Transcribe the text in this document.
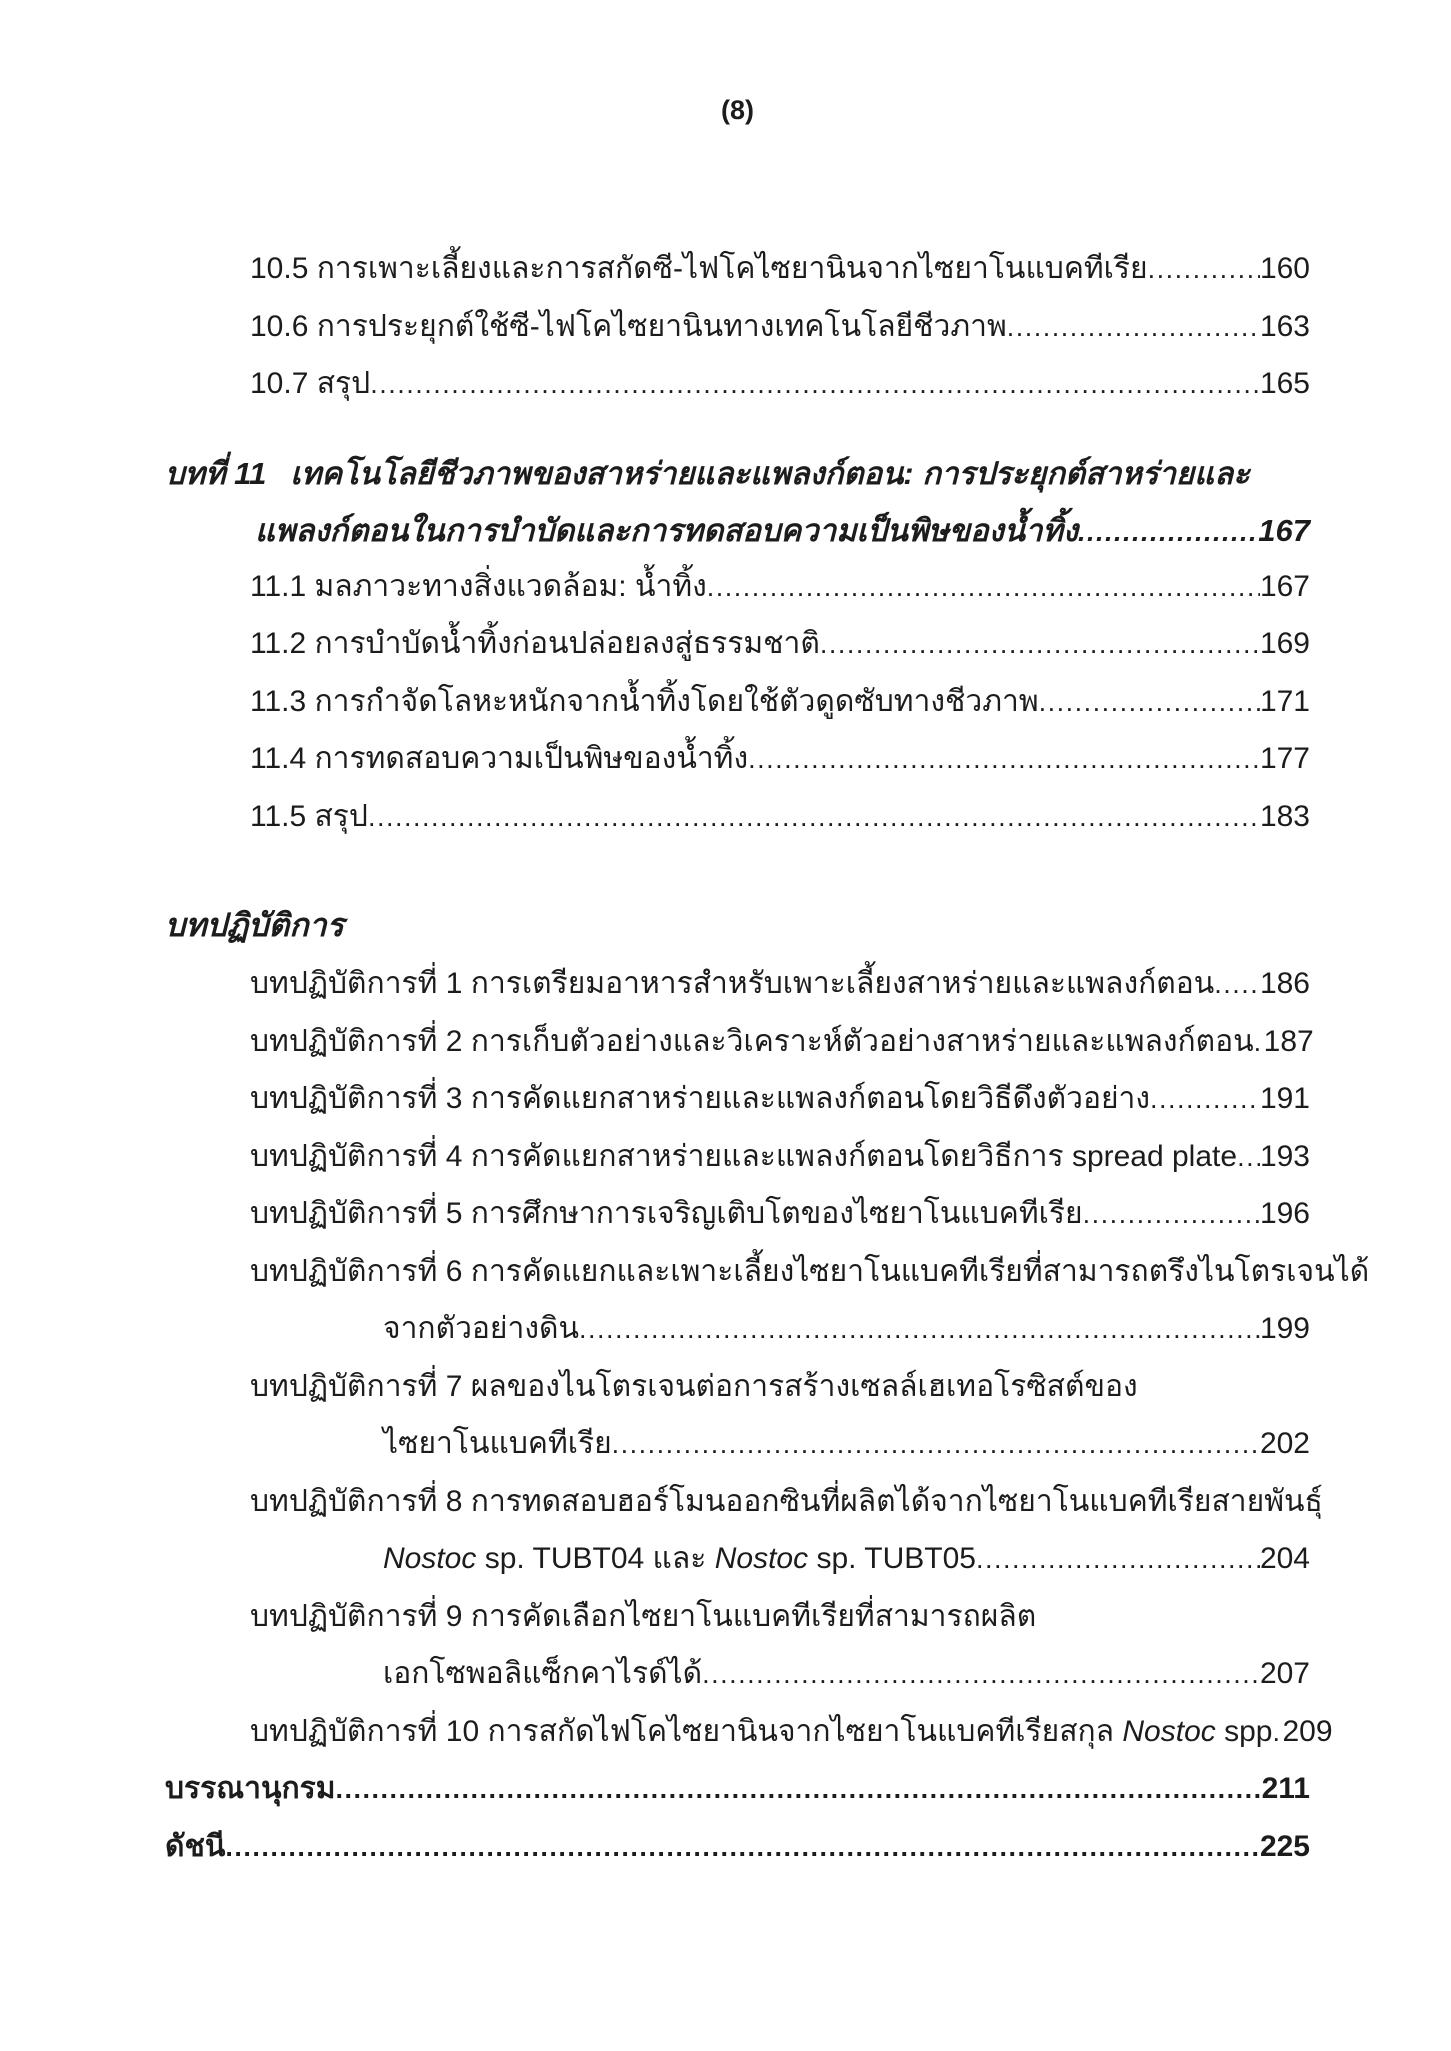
(8)
10.5 การเพาะเลี้ยงและการสกัดซี-ไฟโคไซยานินจากไซยาโนแบคทีเรีย .....	160
10.6 การประยุกต์ใช้ซี-ไฟโคไซยานินทางเทคโนโลยีชีวภาพ .....	163
10.7 สรุป .....	165
บทที่ 11 เทคโนโลยีชีวภาพของสาหร่ายและแพลงก์ตอน: การประยุกต์สาหร่ายและ
แพลงก์ตอนในการบำบัดและการทดสอบความเป็นพิษของน้ำทิ้ง .....	167
11.1 มลภาวะทางสิ่งแวดล้อม: น้ำทิ้ง .....	167
11.2 การบำบัดน้ำทิ้งก่อนปล่อยลงสู่ธรรมชาติ .....	169
11.3 การกำจัดโลหะหนักจากน้ำทิ้งโดยใช้ตัวดูดซับทางชีวภาพ .....	171
11.4 การทดสอบความเป็นพิษของน้ำทิ้ง .....	177
11.5 สรุป .....	183
บทปฏิบัติการ
บทปฏิบัติการที่ 1 การเตรียมอาหารสำหรับเพาะเลี้ยงสาหร่ายและแพลงก์ตอน ..... 186
บทปฏิบัติการที่ 2 การเก็บตัวอย่างและวิเคราะห์ตัวอย่างสาหร่ายและแพลงก์ตอน ..... 187
บทปฏิบัติการที่ 3 การคัดแยกสาหร่ายและแพลงก์ตอนโดยวิธีดึงตัวอย่าง .....	191
บทปฏิบัติการที่ 4 การคัดแยกสาหร่ายและแพลงก์ตอนโดยวิธีการ spread plate ..... 193
บทปฏิบัติการที่ 5 การศึกษาการเจริญเติบโตของไซยาโนแบคทีเรีย .....	196
บทปฏิบัติการที่ 6 การคัดแยกและเพาะเลี้ยงไซยาโนแบคทีเรียที่สามารถตรึงไนโตรเจนได้
จากตัวอย่างดิน .....	199
บทปฏิบัติการที่ 7 ผลของไนโตรเจนต่อการสร้างเซลล์เฮเทอโรซิสต์ของ
ไซยาโนแบคทีเรีย .....	202
บทปฏิบัติการที่ 8 การทดสอบฮอร์โมนออกซินที่ผลิตได้จากไซยาโนแบคทีเรียสายพันธุ์
Nostoc sp. TUBT04 และ Nostoc sp. TUBT05 .....	204
บทปฏิบัติการที่ 9 การคัดเลือกไซยาโนแบคทีเรียที่สามารถผลิต
เอกโซพอลิแซ็กคาไรด์ได้ .....	207
บทปฏิบัติการที่ 10 การสกัดไฟโคไซยานินจากไซยาโนแบคทีเรียสกุล Nostoc spp ..... 209
บรรณานุกรม .....	211
ดัชนี .....	225
